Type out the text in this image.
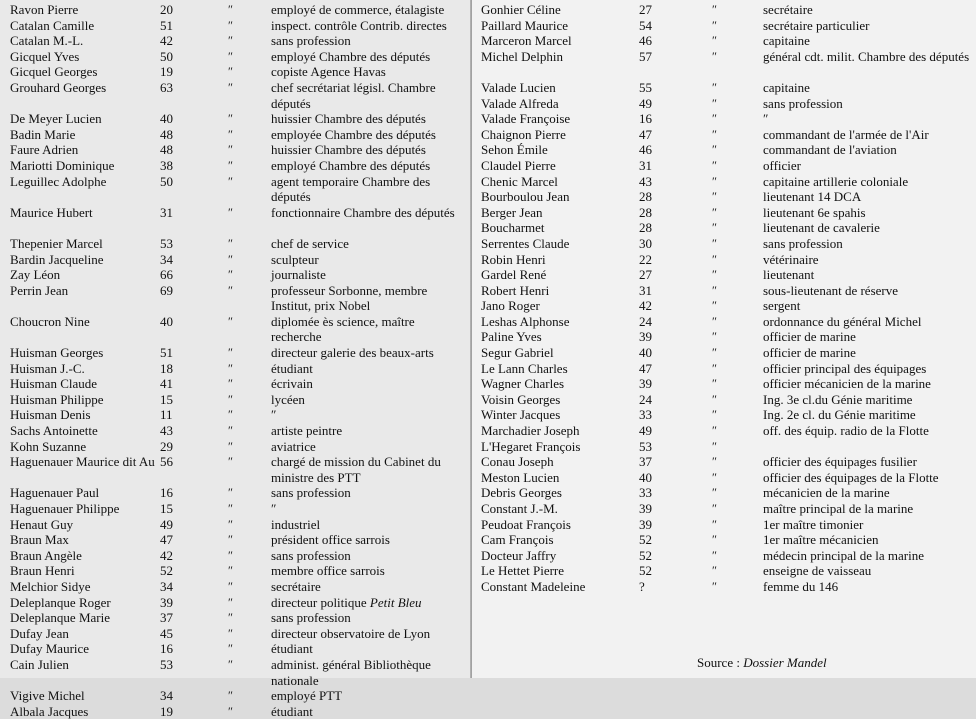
Ravon Pierre	20	″	employé de commerce, étalagiste
Catalan Camille	51	″	inspect. contrôle Contrib. directes
Catalan M.-L.	42	″	sans profession
Gicquel Yves	50	″	employé Chambre des députés
Gicquel Georges	19	″	copiste Agence Havas
Grouhard Georges	63	″	chef secrétariat législ. Chambre députés
De Meyer Lucien	40	″	huissier Chambre des députés
Badin Marie	48	″	employée Chambre des députés
Faure Adrien	48	″	huissier Chambre des députés
Mariotti Dominique	38	″	employé Chambre des députés
Leguillec Adolphe	50	″	agent temporaire Chambre des députés
Maurice Hubert	31	″	fonctionnaire Chambre des députés
Thepenier Marcel	53	″	chef de service
Bardin Jacqueline	34	″	sculpteur
Zay Léon	66	″	journaliste
Perrin Jean	69	″	professeur Sorbonne, membre Institut, prix Nobel
Choucron Nine	40	″	diplomée ès science, maître recherche
Huisman Georges	51	″	directeur galerie des beaux-arts
Huisman J.-C.	18	″	étudiant
Huisman Claude	41	″	écrivain
Huisman Philippe	15	″	lycéen
Huisman Denis	11	″	″
Sachs Antoinette	43	″	artiste peintre
Kohn Suzanne	29	″	aviatrice
Haguenauer Maurice dit Au 56	″	chargé de mission du Cabinet du ministre des PTT
Haguenauer Paul	16	″	sans profession
Haguenauer Philippe	15	″	″
Henaut Guy	49	″	industriel
Braun Max	47	″	président office sarrois
Braun Angèle	42	″	sans profession
Braun Henri	52	″	membre office sarrois
Melchior Sidye	34	″	secrétaire
Deleplanque Roger	39	″	directeur politique Petit Bleu
Deleplanque Marie	37	″	sans profession
Dufay Jean	45	″	directeur observatoire de Lyon
Dufay Maurice	16	″	étudiant
Cain Julien	53	″	administ. général Bibliothèque nationale
Vigive Michel	34	″	employé PTT
Albala Jacques	19	″	étudiant
Gonhier Céline	27	″	secrétaire
Paillard Maurice	54	″	secrétaire particulier
Marceron Marcel	46	″	capitaine
Michel Delphin	57	″	général cdt. milit. Chambre des députés
Valade Lucien	55	″	capitaine
Valade Alfreda	49	″	sans profession
Valade Françoise	16	″	″
Chaignon Pierre	47	″	commandant de l'armée de l'Air
Sehon Émile	46	″	commandant de l'aviation
Claudel Pierre	31	″	officier
Chenic Marcel	43	″	capitaine artillerie coloniale
Bourboulou Jean	28	″	lieutenant 14 DCA
Berger Jean	28	″	lieutenant 6e spahis
Boucharmet	28	″	lieutenant de cavalerie
Serrentes Claude	30	″	sans profession
Robin Henri	22	″	vétérinaire
Gardel René	27	″	lieutenant
Robert Henri	31	″	sous-lieutenant de réserve
Jano Roger	42	″	sergent
Leshas Alphonse	24	″	ordonnance du général Michel
Paline Yves	39	″	officier de marine
Segur Gabriel	40	″	officier de marine
Le Lann Charles	47	″	officier principal des équipages
Wagner Charles	39	″	officier mécanicien de la marine
Voisin Georges	24	″	Ing. 3e cl.du Génie maritime
Winter Jacques	33	″	Ing. 2e cl. du Génie maritime
Marchadier Joseph	49	″	off. des équip. radio de la Flotte
L'Hegaret François	53	″
Conau Joseph	37	″	officier des équipages fusilier
Meston Lucien	40	″	officier des équipages de la Flotte
Debris Georges	33	″	mécanicien de la marine
Constant J.-M.	39	″	maître principal de la marine
Peudoat François	39	″	1er maître timonier
Cam François	52	″	1er maître mécanicien
Docteur Jaffry	52	″	médecin principal de la marine
Le Hettet Pierre	52	″	enseigne de vaisseau
Constant Madeleine	?	″	femme du 146
Source : Dossier Mandel
